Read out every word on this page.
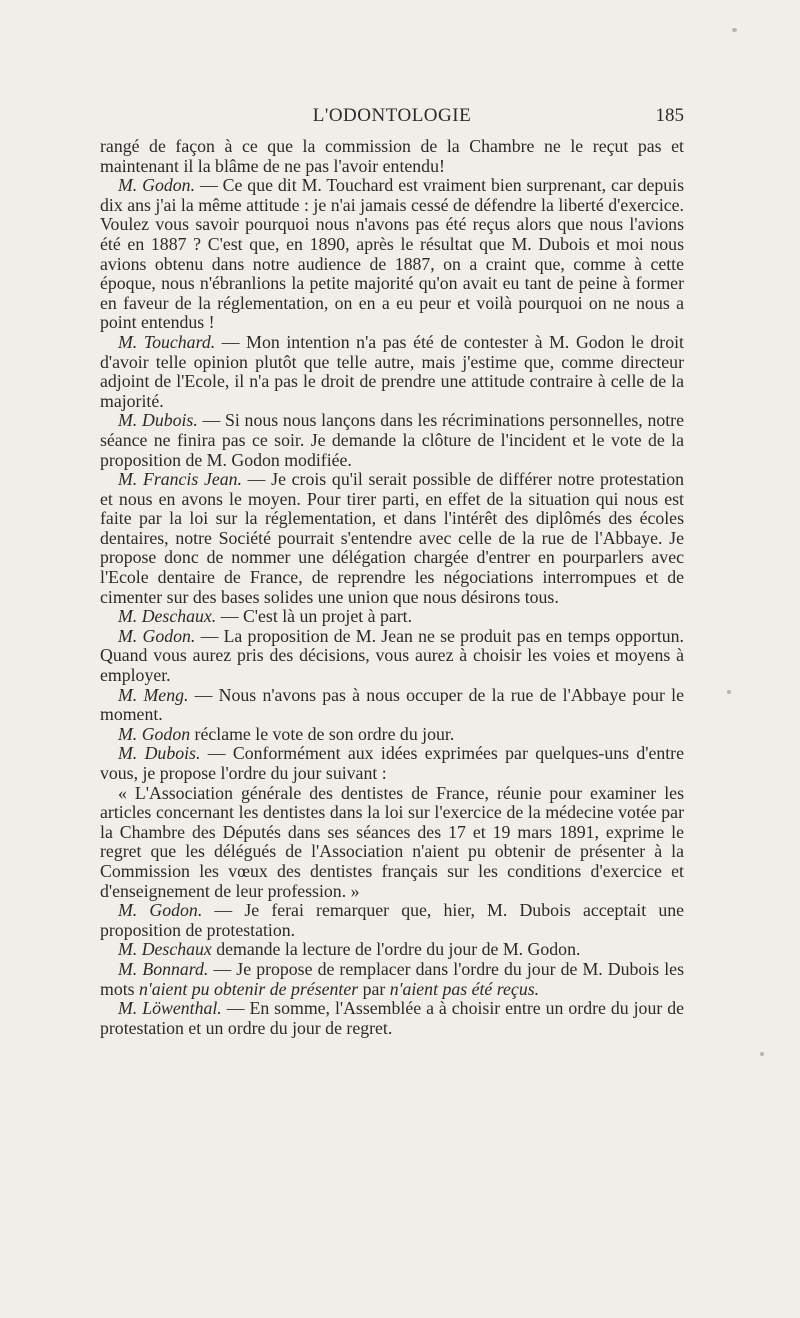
L'ODONTOLOGIE	185

rangé de façon à ce que la commission de la Chambre ne le reçut pas et maintenant il la blâme de ne pas l'avoir entendu!

M. Godon. — Ce que dit M. Touchard est vraiment bien surprenant, car depuis dix ans j'ai la même attitude : je n'ai jamais cessé de défendre la liberté d'exercice. Voulez vous savoir pourquoi nous n'avons pas été reçus alors que nous l'avions été en 1887 ? C'est que, en 1890, après le résultat que M. Dubois et moi nous avions obtenu dans notre audience de 1887, on a craint que, comme à cette époque, nous n'ébranlions la petite majorité qu'on avait eu tant de peine à former en faveur de la réglementation, on en a eu peur et voilà pourquoi on ne nous a point entendus !

M. Touchard. — Mon intention n'a pas été de contester à M. Godon le droit d'avoir telle opinion plutôt que telle autre, mais j'estime que, comme directeur adjoint de l'Ecole, il n'a pas le droit de prendre une attitude contraire à celle de la majorité.

M. Dubois. — Si nous nous lançons dans les récriminations personnelles, notre séance ne finira pas ce soir. Je demande la clôture de l'incident et le vote de la proposition de M. Godon modifiée.

M. Francis Jean. — Je crois qu'il serait possible de différer notre protestation et nous en avons le moyen. Pour tirer parti, en effet de la situation qui nous est faite par la loi sur la réglementation, et dans l'intérêt des diplômés des écoles dentaires, notre Société pourrait s'entendre avec celle de la rue de l'Abbaye. Je propose donc de nommer une délégation chargée d'entrer en pourparlers avec l'Ecole dentaire de France, de reprendre les négociations interrompues et de cimenter sur des bases solides une union que nous désirons tous.

M. Deschaux. — C'est là un projet à part.

M. Godon. — La proposition de M. Jean ne se produit pas en temps opportun. Quand vous aurez pris des décisions, vous aurez à choisir les voies et moyens à employer.

M. Meng. — Nous n'avons pas à nous occuper de la rue de l'Abbaye pour le moment.

M. Godon réclame le vote de son ordre du jour.

M. Dubois. — Conformément aux idées exprimées par quelques-uns d'entre vous, je propose l'ordre du jour suivant :

« L'Association générale des dentistes de France, réunie pour examiner les articles concernant les dentistes dans la loi sur l'exercice de la médecine votée par la Chambre des Députés dans ses séances des 17 et 19 mars 1891, exprime le regret que les délégués de l'Association n'aient pu obtenir de présenter à la Commission les vœux des dentistes français sur les conditions d'exercice et d'enseignement de leur profession. »

M. Godon. — Je ferai remarquer que, hier, M. Dubois acceptait une proposition de protestation.

M. Deschaux demande la lecture de l'ordre du jour de M. Godon.

M. Bonnard. — Je propose de remplacer dans l'ordre du jour de M. Dubois les mots n'aient pu obtenir de présenter par n'aient pas été reçus.

M. Löwenthal. — En somme, l'Assemblée a à choisir entre un ordre du jour de protestation et un ordre du jour de regret.
